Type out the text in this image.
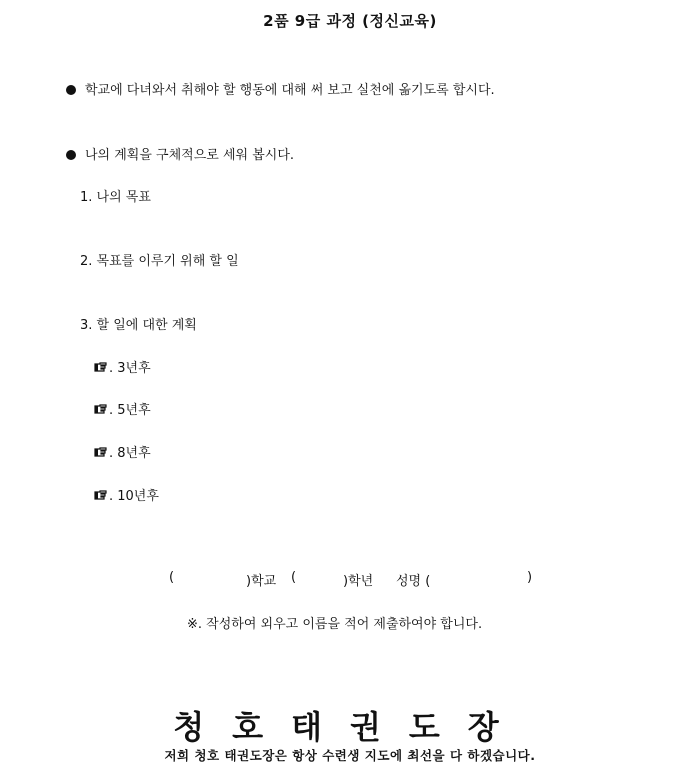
2품 9급 과정 (정신교육)
학교에 다녀와서 취해야 할 행동에 대해 써 보고 실천에 옮기도록 합시다.
나의 계획을 구체적으로 세워 봅시다.
1. 나의 목표
2. 목표를 이루기 위해 할 일
3. 할 일에 대한 계획
. 3년후
. 5년후
. 8년후
. 10년후
(	)학교 (	)학년 성명 (	)
※. 작성하여 외우고 이름을 적어 제출하여야 합니다.
청호태권도장
저희 청호 태권도장은 항상 수련생 지도에 최선을 다 하겠습니다.
